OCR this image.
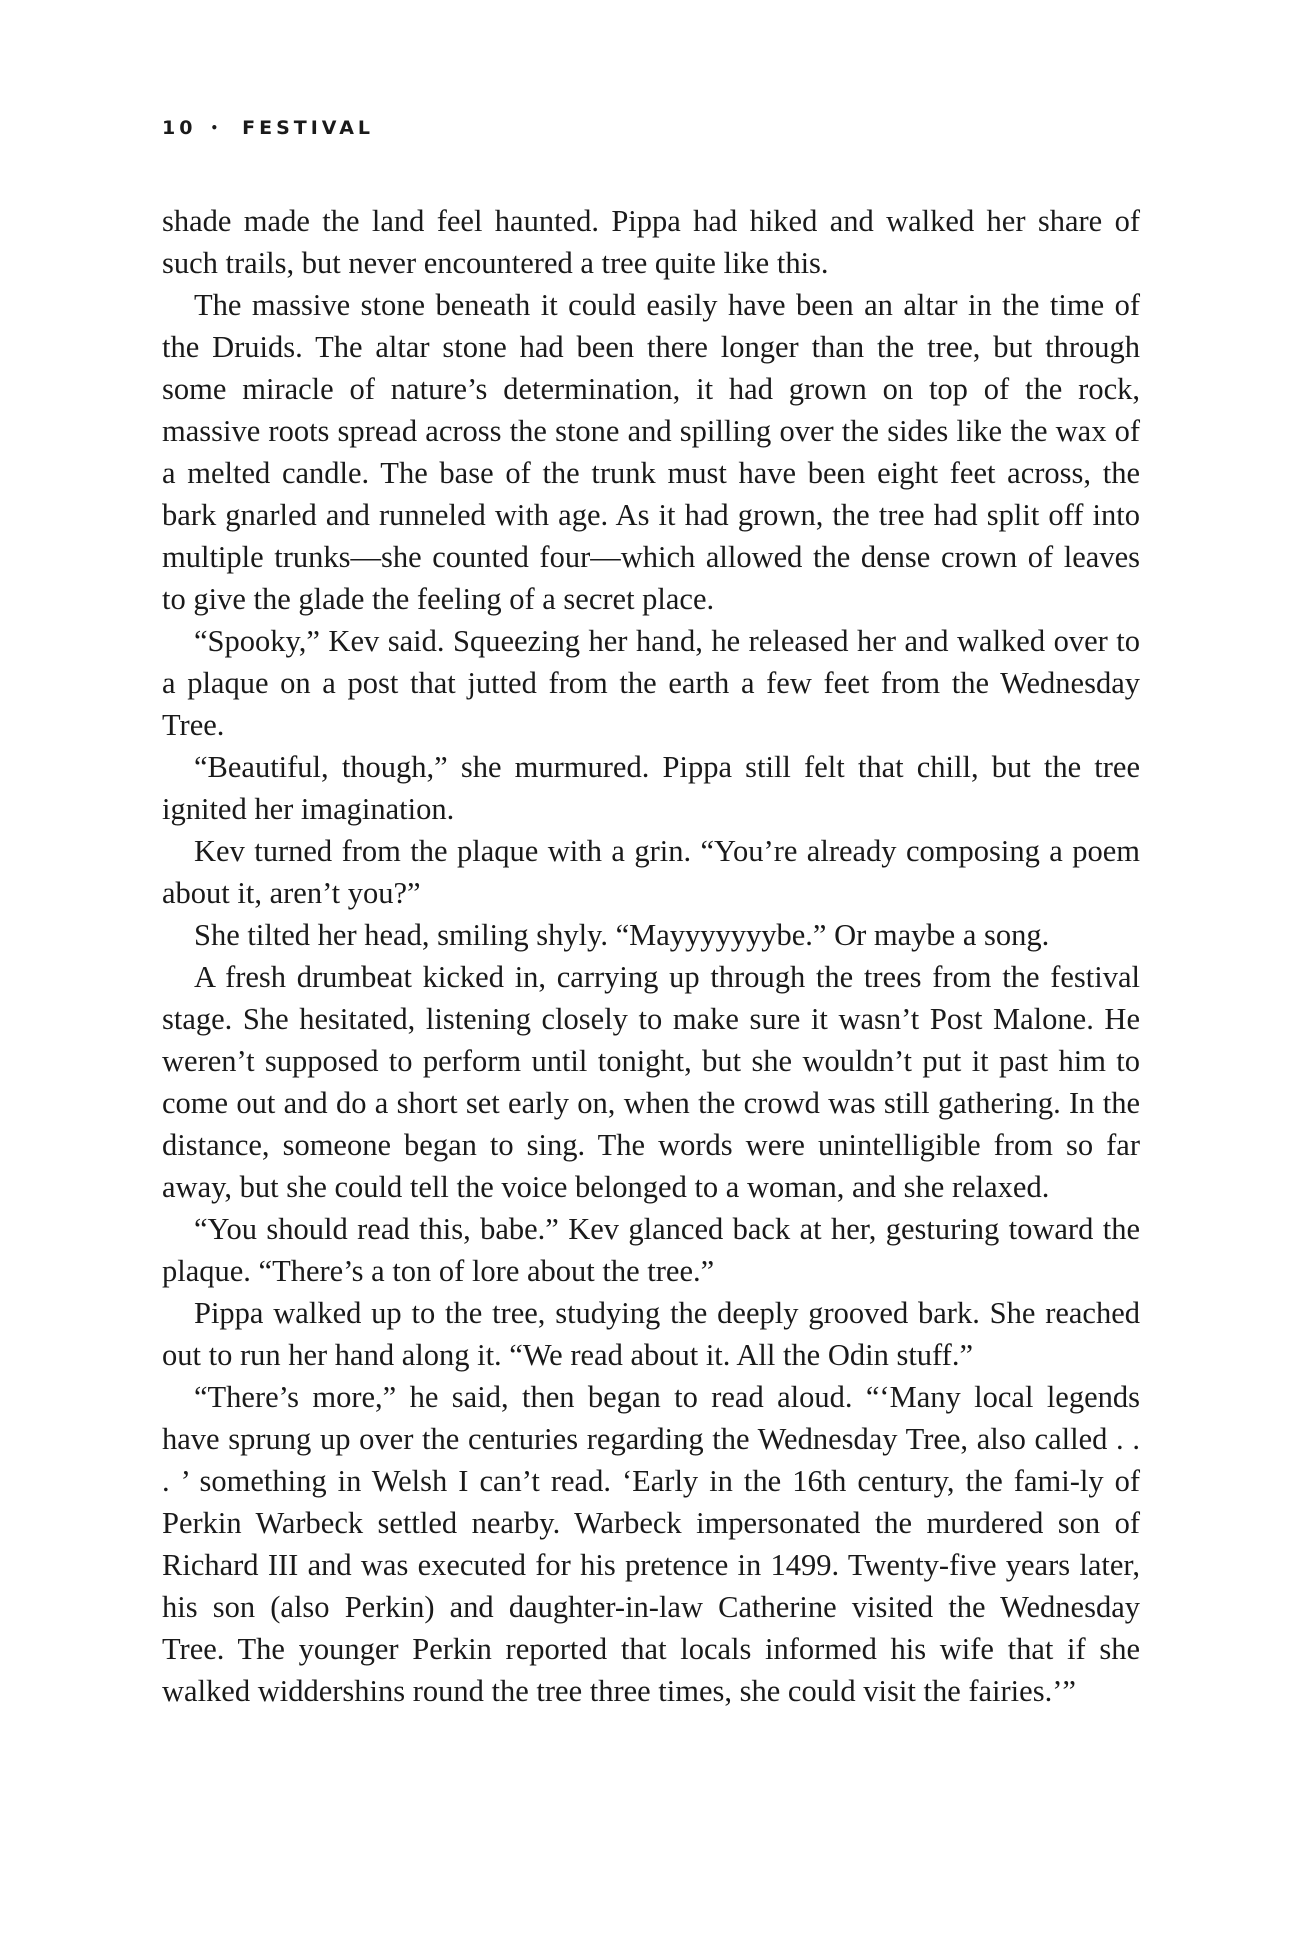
10 • FESTIVAL

shade made the land feel haunted. Pippa had hiked and walked her share of such trails, but never encountered a tree quite like this.

The massive stone beneath it could easily have been an altar in the time of the Druids. The altar stone had been there longer than the tree, but through some miracle of nature’s determination, it had grown on top of the rock, massive roots spread across the stone and spilling over the sides like the wax of a melted candle. The base of the trunk must have been eight feet across, the bark gnarled and runneled with age. As it had grown, the tree had split off into multiple trunks—she counted four—which allowed the dense crown of leaves to give the glade the feeling of a secret place.

“Spooky,” Kev said. Squeezing her hand, he released her and walked over to a plaque on a post that jutted from the earth a few feet from the Wednesday Tree.

“Beautiful, though,” she murmured. Pippa still felt that chill, but the tree ignited her imagination.

Kev turned from the plaque with a grin. “You’re already composing a poem about it, aren’t you?”

She tilted her head, smiling shyly. “Mayyyyyyybe.” Or maybe a song.

A fresh drumbeat kicked in, carrying up through the trees from the festival stage. She hesitated, listening closely to make sure it wasn’t Post Malone. He weren’t supposed to perform until tonight, but she wouldn’t put it past him to come out and do a short set early on, when the crowd was still gathering. In the distance, someone began to sing. The words were unintelligible from so far away, but she could tell the voice belonged to a woman, and she relaxed.

“You should read this, babe.” Kev glanced back at her, gesturing toward the plaque. “There’s a ton of lore about the tree.”

Pippa walked up to the tree, studying the deeply grooved bark. She reached out to run her hand along it. “We read about it. All the Odin stuff.”

“There’s more,” he said, then began to read aloud. “‘Many local legends have sprung up over the centuries regarding the Wednesday Tree, also called . . . ’ something in Welsh I can’t read. ‘Early in the 16th century, the fami-ly of Perkin Warbeck settled nearby. Warbeck impersonated the murdered son of Richard III and was executed for his pretence in 1499. Twenty-five years later, his son (also Perkin) and daughter-in-law Catherine visited the Wednesday Tree. The younger Perkin reported that locals informed his wife that if she walked widdershins round the tree three times, she could visit the fairies.’”
